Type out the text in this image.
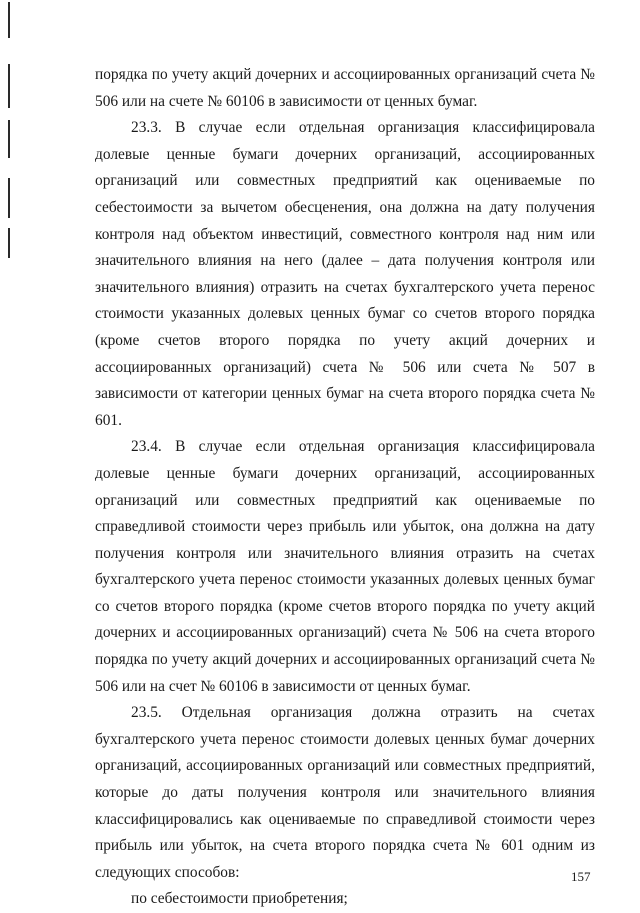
порядка по учету акций дочерних и ассоциированных организаций счета № 506 или на счете № 60106 в зависимости от ценных бумаг.

23.3. В случае если отдельная организация классифицировала долевые ценные бумаги дочерних организаций, ассоциированных организаций или совместных предприятий как оцениваемые по себестоимости за вычетом обесценения, она должна на дату получения контроля над объектом инвестиций, совместного контроля над ним или значительного влияния на него (далее – дата получения контроля или значительного влияния) отразить на счетах бухгалтерского учета перенос стоимости указанных долевых ценных бумаг со счетов второго порядка (кроме счетов второго порядка по учету акций дочерних и ассоциированных организаций) счета № 506 или счета № 507 в зависимости от категории ценных бумаг на счета второго порядка счета № 601.

23.4. В случае если отдельная организация классифицировала долевые ценные бумаги дочерних организаций, ассоциированных организаций или совместных предприятий как оцениваемые по справедливой стоимости через прибыль или убыток, она должна на дату получения контроля или значительного влияния отразить на счетах бухгалтерского учета перенос стоимости указанных долевых ценных бумаг со счетов второго порядка (кроме счетов второго порядка по учету акций дочерних и ассоциированных организаций) счета № 506 на счета второго порядка по учету акций дочерних и ассоциированных организаций счета № 506 или на счет № 60106 в зависимости от ценных бумаг.

23.5. Отдельная организация должна отразить на счетах бухгалтерского учета перенос стоимости долевых ценных бумаг дочерних организаций, ассоциированных организаций или совместных предприятий, которые до даты получения контроля или значительного влияния классифицировались как оцениваемые по справедливой стоимости через прибыль или убыток, на счета второго порядка счета № 601 одним из следующих способов:

по себестоимости приобретения;

157
